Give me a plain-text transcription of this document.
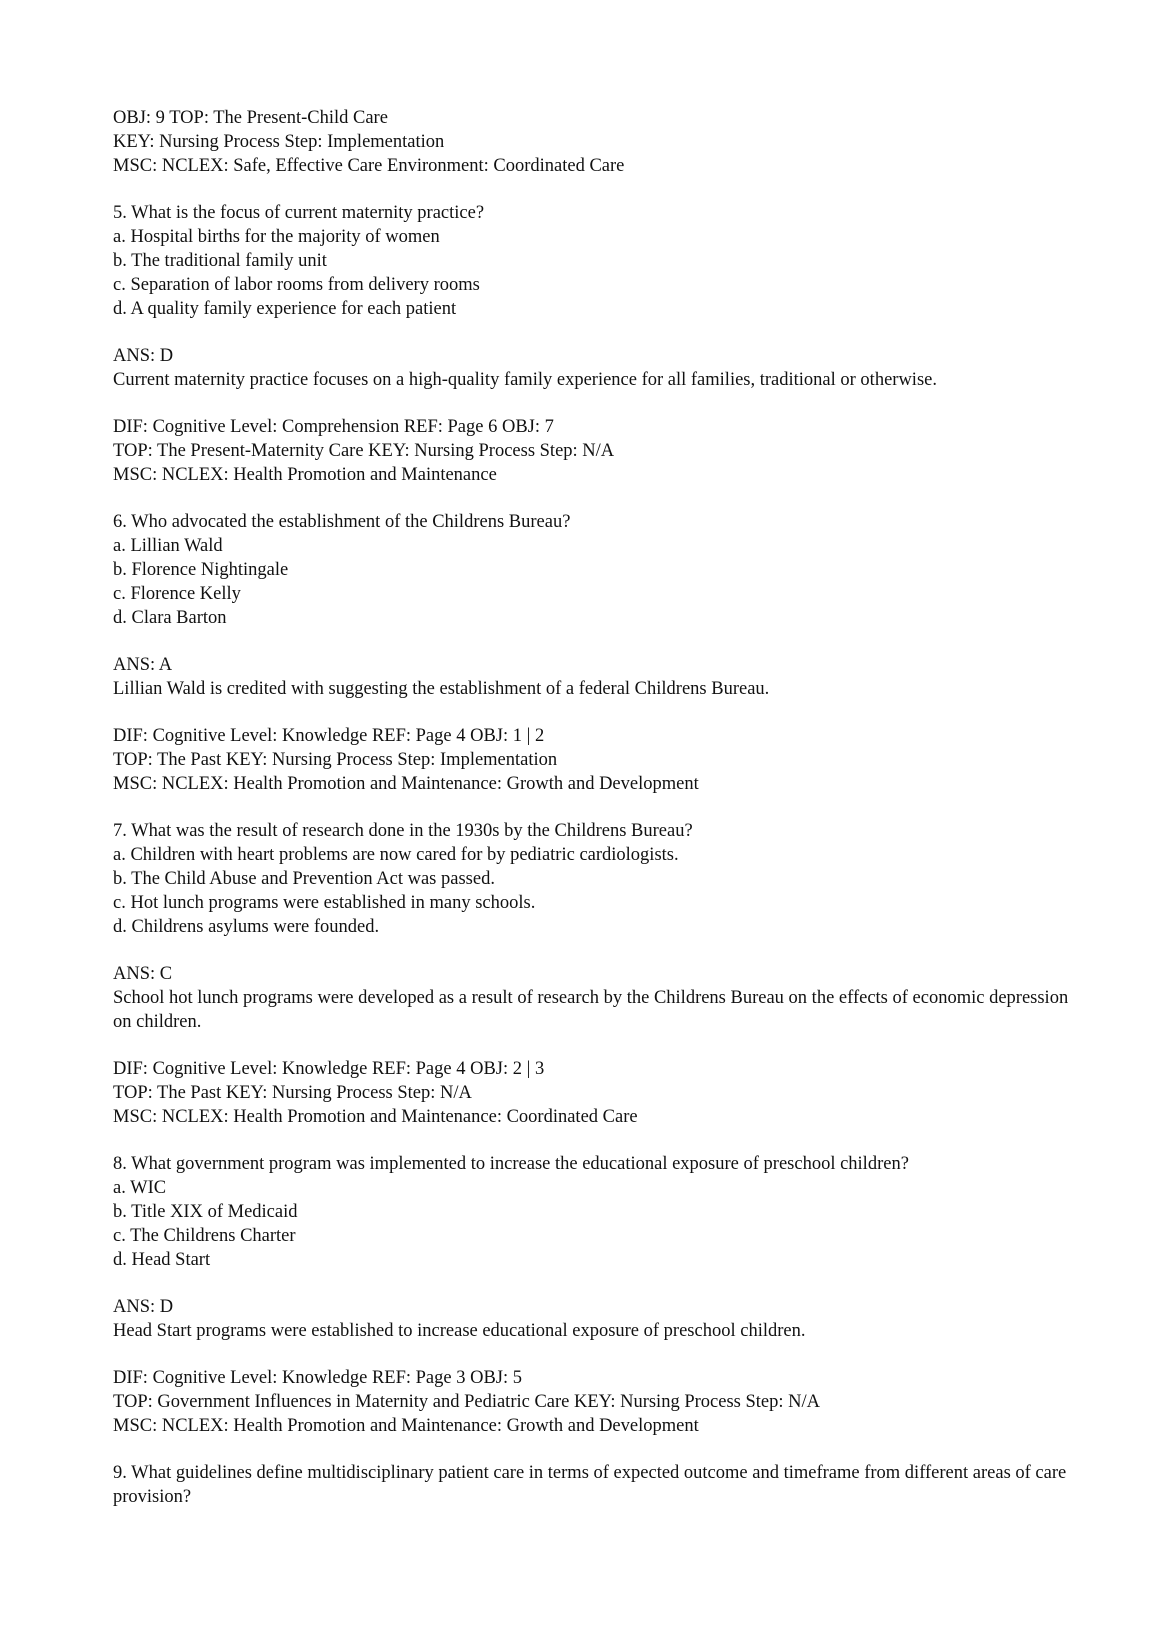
OBJ: 9 TOP: The Present-Child Care
KEY: Nursing Process Step: Implementation
MSC: NCLEX: Safe, Effective Care Environment: Coordinated Care
5. What is the focus of current maternity practice?
a. Hospital births for the majority of women
b. The traditional family unit
c. Separation of labor rooms from delivery rooms
d. A quality family experience for each patient
ANS: D
Current maternity practice focuses on a high-quality family experience for all families, traditional or otherwise.
DIF: Cognitive Level: Comprehension REF: Page 6 OBJ: 7
TOP: The Present-Maternity Care KEY: Nursing Process Step: N/A
MSC: NCLEX: Health Promotion and Maintenance
6. Who advocated the establishment of the Childrens Bureau?
a. Lillian Wald
b. Florence Nightingale
c. Florence Kelly
d. Clara Barton
ANS: A
Lillian Wald is credited with suggesting the establishment of a federal Childrens Bureau.
DIF: Cognitive Level: Knowledge REF: Page 4 OBJ: 1 | 2
TOP: The Past KEY: Nursing Process Step: Implementation
MSC: NCLEX: Health Promotion and Maintenance: Growth and Development
7. What was the result of research done in the 1930s by the Childrens Bureau?
a. Children with heart problems are now cared for by pediatric cardiologists.
b. The Child Abuse and Prevention Act was passed.
c. Hot lunch programs were established in many schools.
d. Childrens asylums were founded.
ANS: C
School hot lunch programs were developed as a result of research by the Childrens Bureau on the effects of economic depression on children.
DIF: Cognitive Level: Knowledge REF: Page 4 OBJ: 2 | 3
TOP: The Past KEY: Nursing Process Step: N/A
MSC: NCLEX: Health Promotion and Maintenance: Coordinated Care
8. What government program was implemented to increase the educational exposure of preschool children?
a. WIC
b. Title XIX of Medicaid
c. The Childrens Charter
d. Head Start
ANS: D
Head Start programs were established to increase educational exposure of preschool children.
DIF: Cognitive Level: Knowledge REF: Page 3 OBJ: 5
TOP: Government Influences in Maternity and Pediatric Care KEY: Nursing Process Step: N/A
MSC: NCLEX: Health Promotion and Maintenance: Growth and Development
9. What guidelines define multidisciplinary patient care in terms of expected outcome and timeframe from different areas of care provision?
